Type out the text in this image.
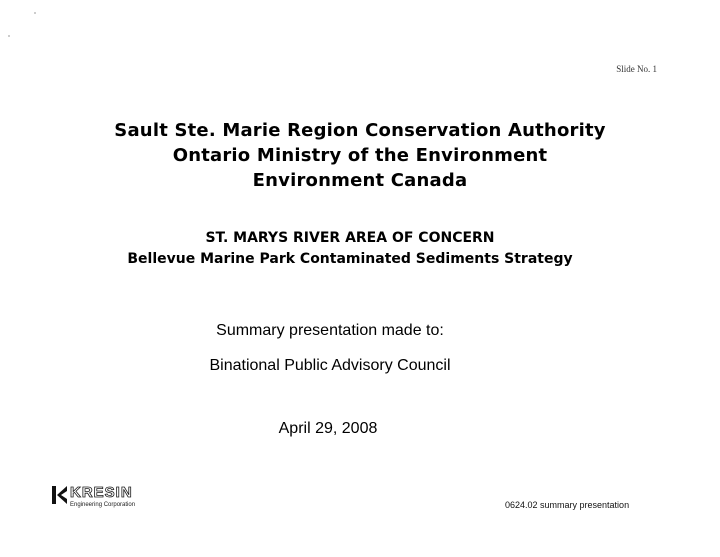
Slide No. 1
Sault Ste. Marie Region Conservation Authority
Ontario Ministry of the Environment
Environment Canada
ST. MARYS RIVER AREA OF CONCERN
Bellevue Marine Park Contaminated Sediments Strategy
Summary presentation made to:
Binational Public Advisory Council
April 29, 2008
KRESIN
Engineering Corporation	0624.02 summary presentation
